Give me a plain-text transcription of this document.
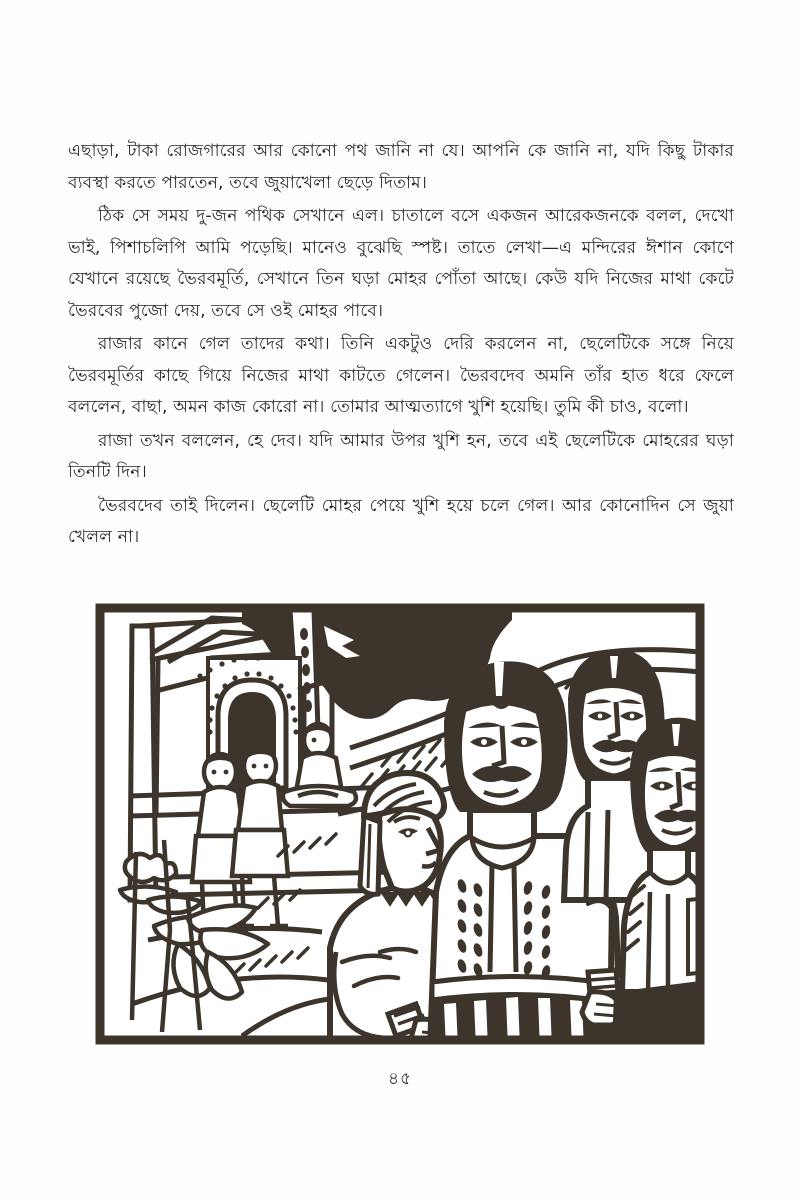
এছাড়া, টাকা রোজগারের আর কোনো পথ জানি না যে। আপনি কে জানি না, যদি কিছু টাকার ব্যবস্থা করতে পারতেন, তবে জুয়াখেলা ছেড়ে দিতাম।

ঠিক সে সময় দু-জন পথিক সেখানে এল। চাতালে বসে একজন আরেকজনকে বলল, দেখো ভাই, পিশাচলিপি আমি পড়েছি। মানেও বুঝেছি স্পষ্ট। তাতে লেখা—এ মন্দিরের ঈশান কোণে যেখানে রয়েছে ভৈরবমূর্তি, সেখানে তিন ঘড়া মোহর পোঁতা আছে। কেউ যদি নিজের মাথা কেটে ভৈরবের পুজো দেয়, তবে সে ওই মোহর পাবে।

রাজার কানে গেল তাদের কথা। তিনি একটুও দেরি করলেন না, ছেলেটিকে সঙ্গে নিয়ে ভৈরবমূর্তির কাছে গিয়ে নিজের মাথা কাটতে গেলেন। ভৈরবদেব অমনি তাঁর হাত ধরে ফেলে বললেন, বাছা, অমন কাজ কোরো না। তোমার আত্মত্যাগে খুশি হয়েছি। তুমি কী চাও, বলো।

রাজা তখন বললেন, হে দেব। যদি আমার উপর খুশি হন, তবে এই ছেলেটিকে মোহরের ঘড়া তিনটি দিন।

ভৈরবদেব তাই দিলেন। ছেলেটি মোহর পেয়ে খুশি হয়ে চলে গেল। আর কোনোদিন সে জুয়া খেলল না।

৪৫
